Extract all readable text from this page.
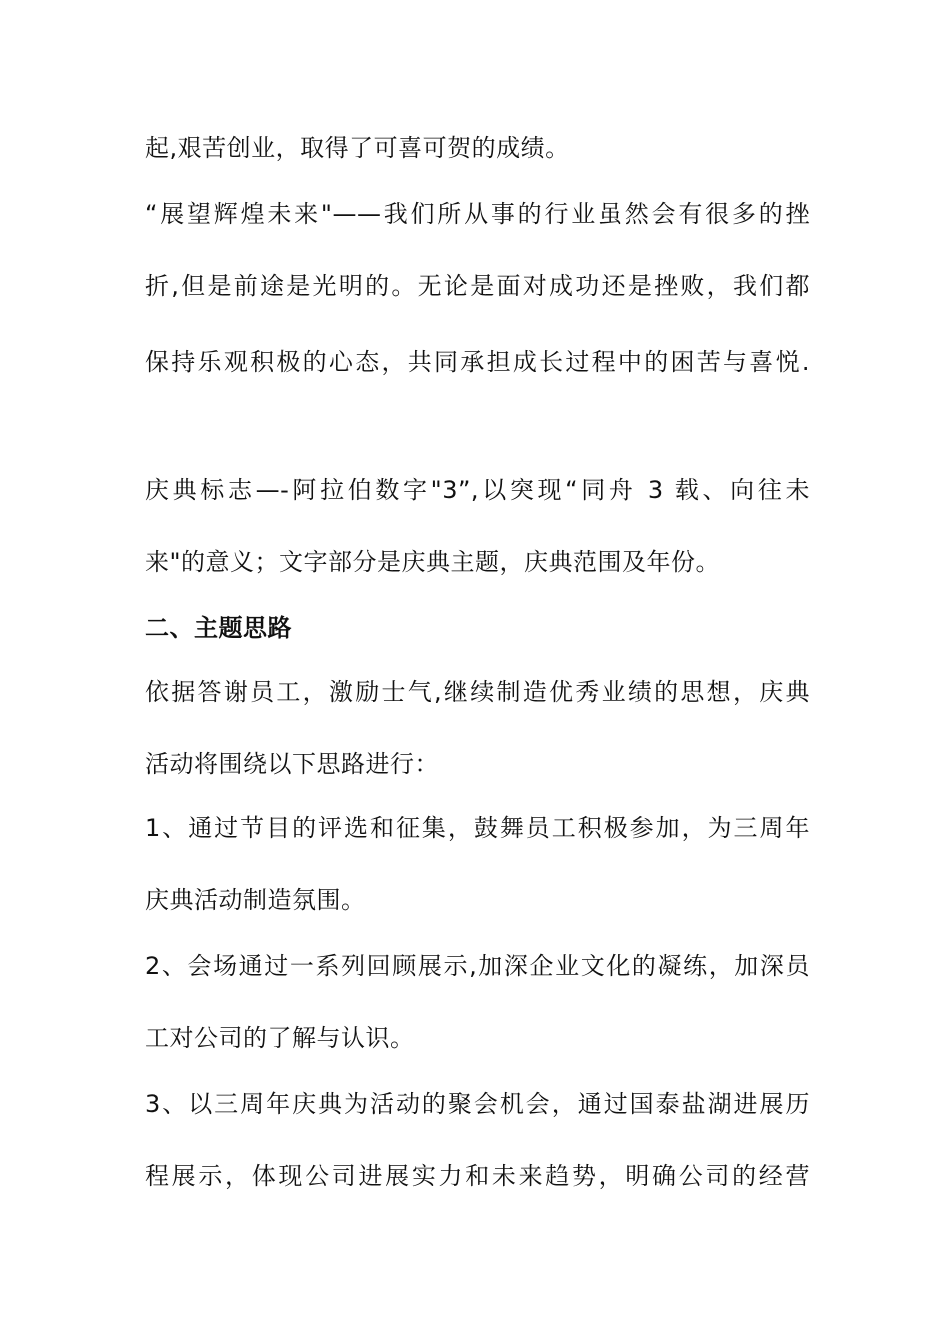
起,艰苦创业，取得了可喜可贺的成绩。
“展望辉煌未来"——我们所从事的行业虽然会有很多的挫
折,但是前途是光明的。无论是面对成功还是挫败，我们都
保持乐观积极的心态，共同承担成长过程中的困苦与喜悦.
庆典标志—-阿拉伯数字"3”,以突现“同舟 3 载、向往未
来"的意义；文字部分是庆典主题，庆典范围及年份。
二、主题思路
依据答谢员工，激励士气,继续制造优秀业绩的思想，庆典
活动将围绕以下思路进行：
1、通过节目的评选和征集，鼓舞员工积极参加，为三周年
庆典活动制造氛围。
2、会场通过一系列回顾展示,加深企业文化的凝练，加深员
工对公司的了解与认识。
3、以三周年庆典为活动的聚会机会，通过国泰盐湖进展历
程展示，体现公司进展实力和未来趋势，明确公司的经营
